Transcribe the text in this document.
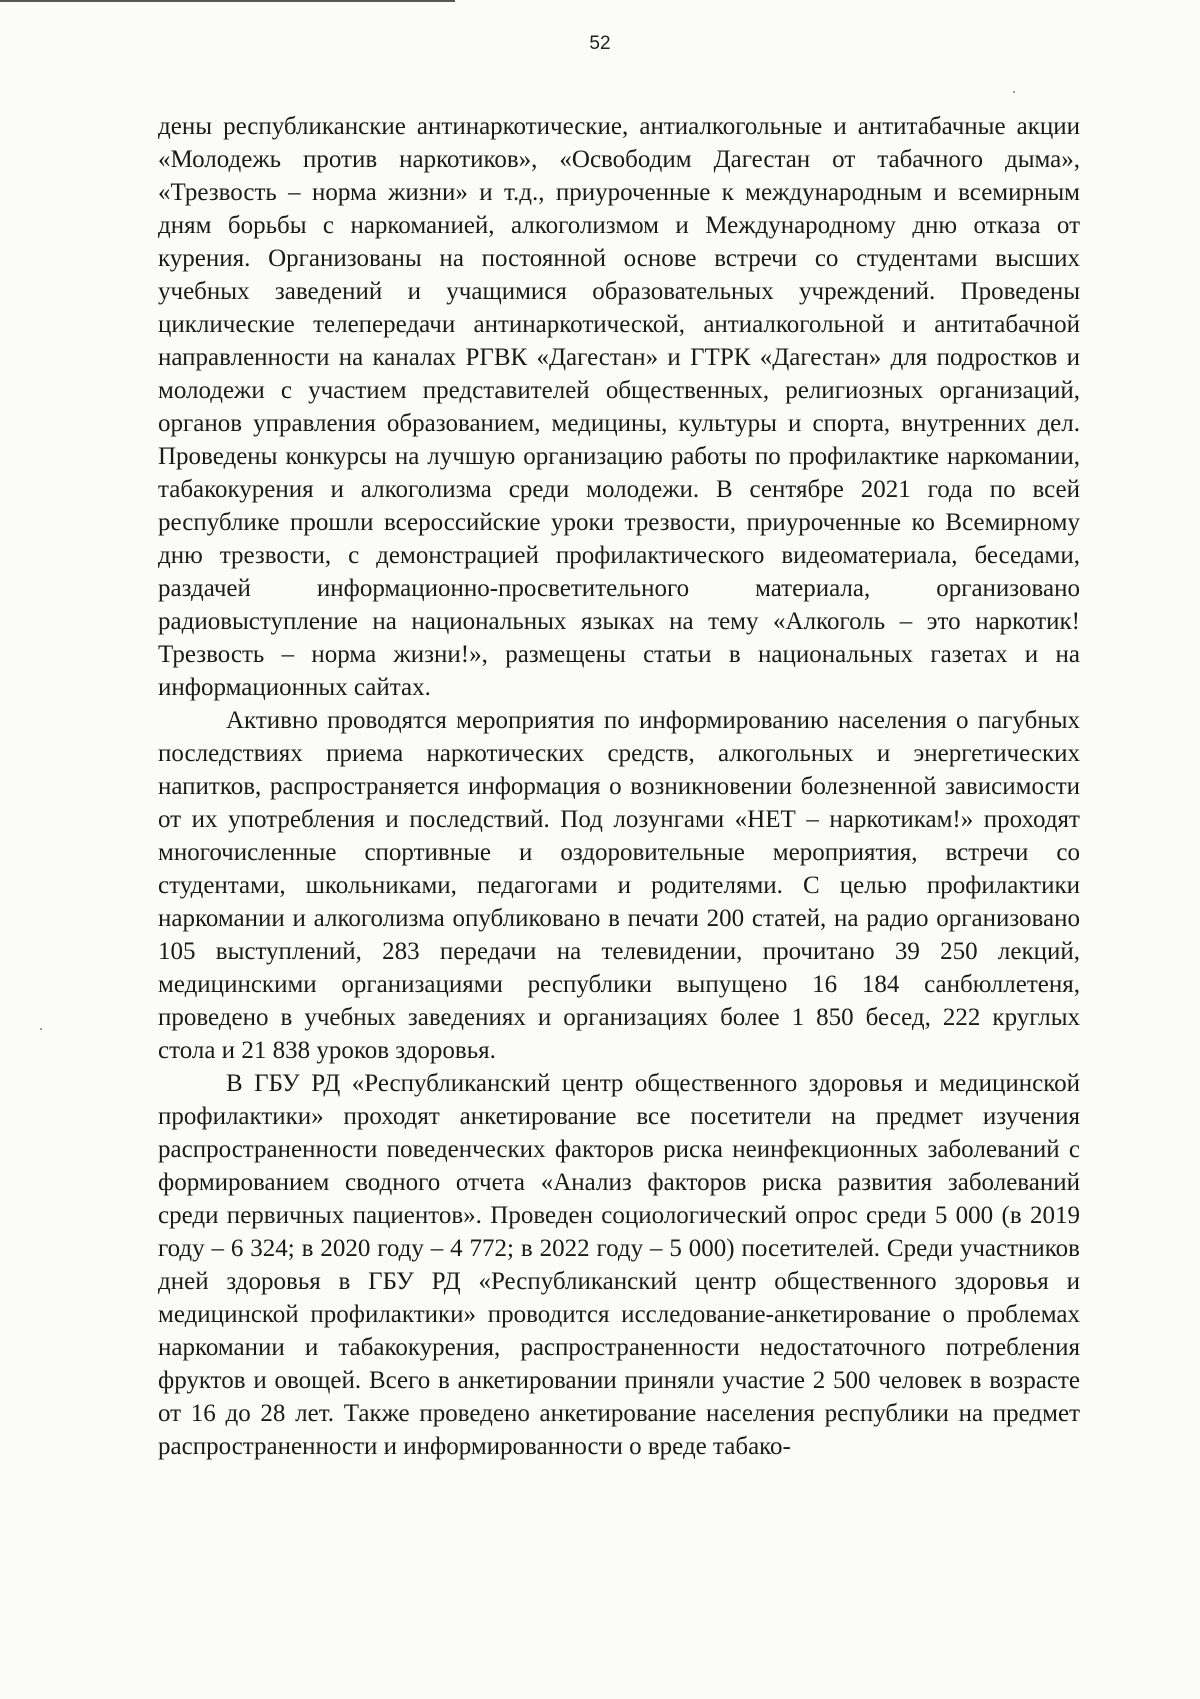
52

дены республиканские антинаркотические, антиалкогольные и антитабачные акции «Молодежь против наркотиков», «Освободим Дагестан от табачного дыма», «Трезвость – норма жизни» и т.д., приуроченные к международным и всемирным дням борьбы с наркоманией, алкоголизмом и Международному дню отказа от курения. Организованы на постоянной основе встречи со студентами высших учебных заведений и учащимися образовательных учреждений. Проведены циклические телепередачи антинаркотической, антиалкогольной и антитабачной направленности на каналах РГВК «Дагестан» и ГТРК «Дагестан» для подростков и молодежи с участием представителей общественных, религиозных организаций, органов управления образованием, медицины, культуры и спорта, внутренних дел. Проведены конкурсы на лучшую организацию работы по профилактике наркомании, табакокурения и алкоголизма среди молодежи. В сентябре 2021 года по всей республике прошли всероссийские уроки трезвости, приуроченные ко Всемирному дню трезвости, с демонстрацией профилактического видеоматериала, беседами, раздачей информационно-просветительного материала, организовано радиовыступление на национальных языках на тему «Алкоголь – это наркотик! Трезвость – норма жизни!», размещены статьи в национальных газетах и на информационных сайтах.

Активно проводятся мероприятия по информированию населения о пагубных последствиях приема наркотических средств, алкогольных и энергетических напитков, распространяется информация о возникновении болезненной зависимости от их употребления и последствий. Под лозунгами «НЕТ – наркотикам!» проходят многочисленные спортивные и оздоровительные мероприятия, встречи со студентами, школьниками, педагогами и родителями. С целью профилактики наркомании и алкоголизма опубликовано в печати 200 статей, на радио организовано 105 выступлений, 283 передачи на телевидении, прочитано 39 250 лекций, медицинскими организациями республики выпущено 16 184 санбюллетеня, проведено в учебных заведениях и организациях более 1 850 бесед, 222 круглых стола и 21 838 уроков здоровья.

В ГБУ РД «Республиканский центр общественного здоровья и медицинской профилактики» проходят анкетирование все посетители на предмет изучения распространенности поведенческих факторов риска неинфекционных заболеваний с формированием сводного отчета «Анализ факторов риска развития заболеваний среди первичных пациентов». Проведен социологический опрос среди 5 000 (в 2019 году – 6 324; в 2020 году – 4 772; в 2022 году – 5 000) посетителей. Среди участников дней здоровья в ГБУ РД «Республиканский центр общественного здоровья и медицинской профилактики» проводится исследование-анкетирование о проблемах наркомании и табакокурения, распространенности недостаточного потребления фруктов и овощей. Всего в анкетировании приняли участие 2 500 человек в возрасте от 16 до 28 лет. Также проведено анкетирование населения республики на предмет распространенности и информированности о вреде табако-
